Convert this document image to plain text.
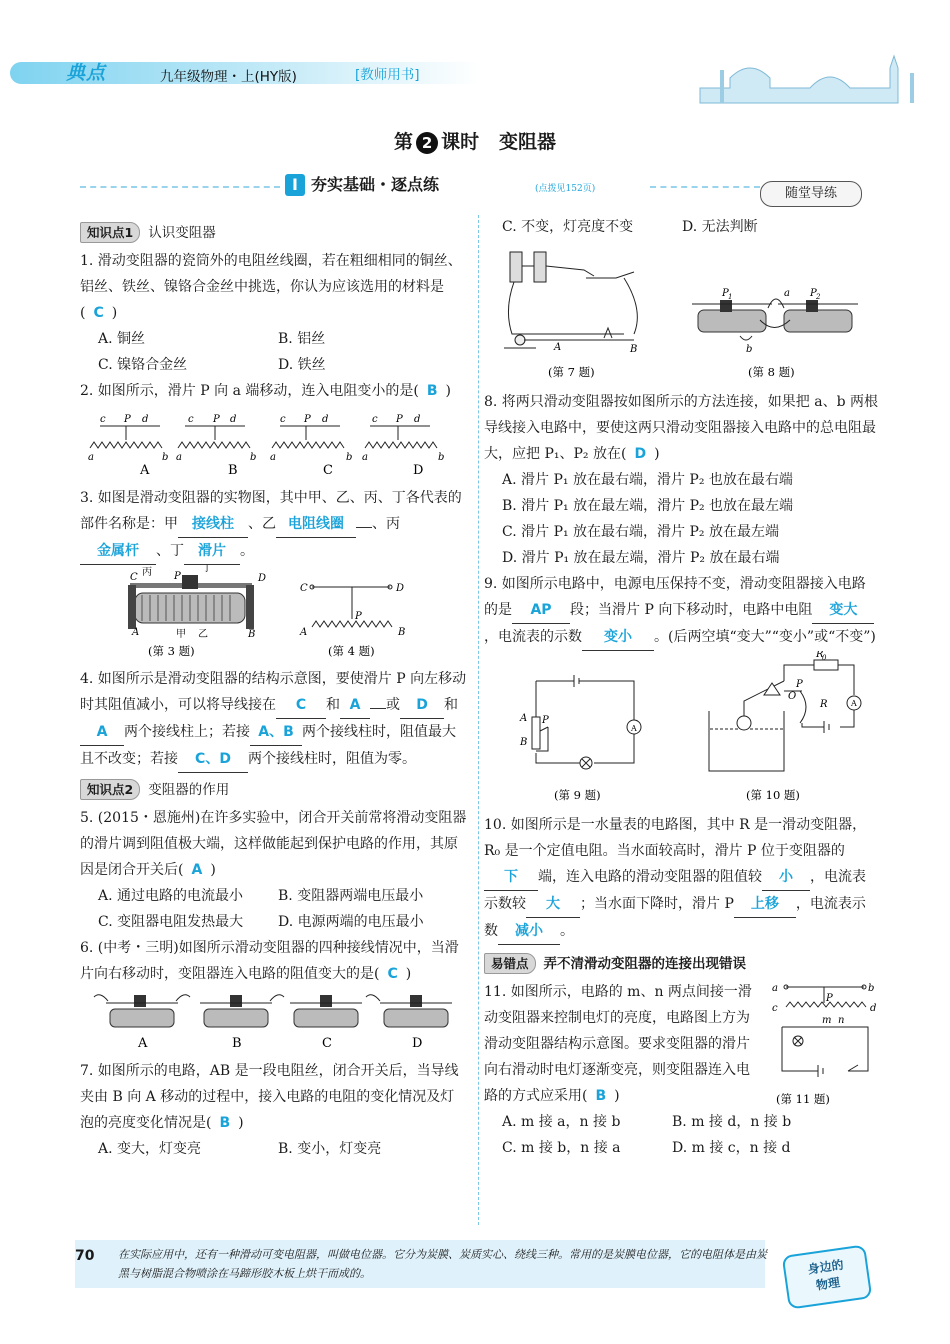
典点	九年级物理・上(HY版)	[教师用书]
第 2 课时 变阻器
I 夯实基础・逐点练	(点拨见152页)	随堂导练
知识点1 认识变阻器
1. 滑动变阻器的瓷筒外的电阻丝线圈，若在粗细相同的铜丝、铝丝、铁丝、镍铬合金丝中挑选，你认为应该选用的材料是( C )
A. 铜丝	B. 铝丝
C. 镍铬合金丝	D. 铁丝
2. 如图所示，滑片 P 向 a 端移动，连入电阻变小的是( B )
c P d
a	b
c P d
a	b
c P d
a	b
c P d
a	b
A	B	C	D
3. 如图是滑动变阻器的实物图，其中甲、乙、丙、丁各代表的部件名称是：甲 接线柱 、乙 电阻线圈 、丙金属杆 、丁 滑片 。
丙	丁
P
C	D
A	甲 乙	B
C	D
P
A	B
(第 3 题)	(第 4 题)
4. 如图所示是滑动变阻器的结构示意图，要使滑片 P 向左移动时其阻值减小，可以将导线接在 C 和 A 或 D 和A 两个接线柱上；若接 A、B 两个接线柱时，阻值最大且不改变；若接 C、D 两个接线柱时，阻值为零。
知识点2 变阻器的作用
5. (2015・恩施州)在许多实验中，闭合开关前常将滑动变阻器的滑片调到阻值极大端，这样做能起到保护电路的作用，其原因是闭合开关后( A )
A. 通过电路的电流最小	B. 变阻器两端电压最小
C. 变阻器电阻发热最大	D. 电源两端的电压最小
6. (中考・三明)如图所示滑动变阻器的四种接线情况中，当滑片向右移动时，变阻器连入电路的阻值变大的是( C )
A	B	C	D
7. 如图所示的电路，AB 是一段电阻丝，闭合开关后，当导线夹由 B 向 A 移动的过程中，接入电路的电阻的变化情况及灯泡的亮度变化情况是( B )
A. 变大，灯变亮	B. 变小，灯变亮
C. 不变，灯亮度不变	D. 无法判断
A	B
(第 7 题)
P 1	P 2
a
b
(第 8 题)
8. 将两只滑动变阻器按如图所示的方法连接，如果把 a、b 两根导线接入电路中，要使这两只滑动变阻器接入电路中的总电阻最大，应把 P₁、P₂ 放在( D )
A. 滑片 P₁ 放在最右端，滑片 P₂ 也放在最右端
B. 滑片 P₁ 放在最左端，滑片 P₂ 也放在最左端
C. 滑片 P₁ 放在最右端，滑片 P₂ 放在最左端
D. 滑片 P₁ 放在最左端，滑片 P₂ 放在最右端
9. 如图所示电路中，电源电压保持不变，滑动变阻器接入电路的是 AP 段；当滑片 P 向下移动时，电路中电阻 变大，电流表的示数 变小 。(后两空填“变大”“变小”或“不变”)
A P
B
A
(第 9 题)
R
0
P
R
O
A
(第 10 题)
10. 如图所示是一水量表的电路图，其中 R 是一滑动变阻器，R₀ 是一个定值电阻。当水面较高时，滑片 P 位于变阻器的下 端，连入电路的滑动变阻器的阻值较 小 ，电流表示数较 大 ；当水面下降时，滑片 P 上移 ，电流表示数 减小 。
易错点 弄不清滑动变阻器的连接出现错误
11. 如图所示，电路的 m、n 两点间接一滑动变阻器来控制电灯的亮度，电路图上方为滑动变阻器结构示意图。要求变阻器的滑片向右滑动时电灯逐渐变亮，则变阻器连入电路的方式应采用( B )
a	b
c	d
P
m n
(第 11 题)
A. m 接 a，n 接 b	B. m 接 d，n 接 b
C. m 接 b，n 接 a	D. m 接 c，n 接 d
70 在实际应用中，还有一种滑动可变电阻器，叫做电位器。它分为炭膜、炭质实心、绕线三种。常用的是炭膜电位器，它的电阻体是由炭黑与树脂混合物喷涂在马蹄形胶木板上烘干而成的。	身边的
物理
